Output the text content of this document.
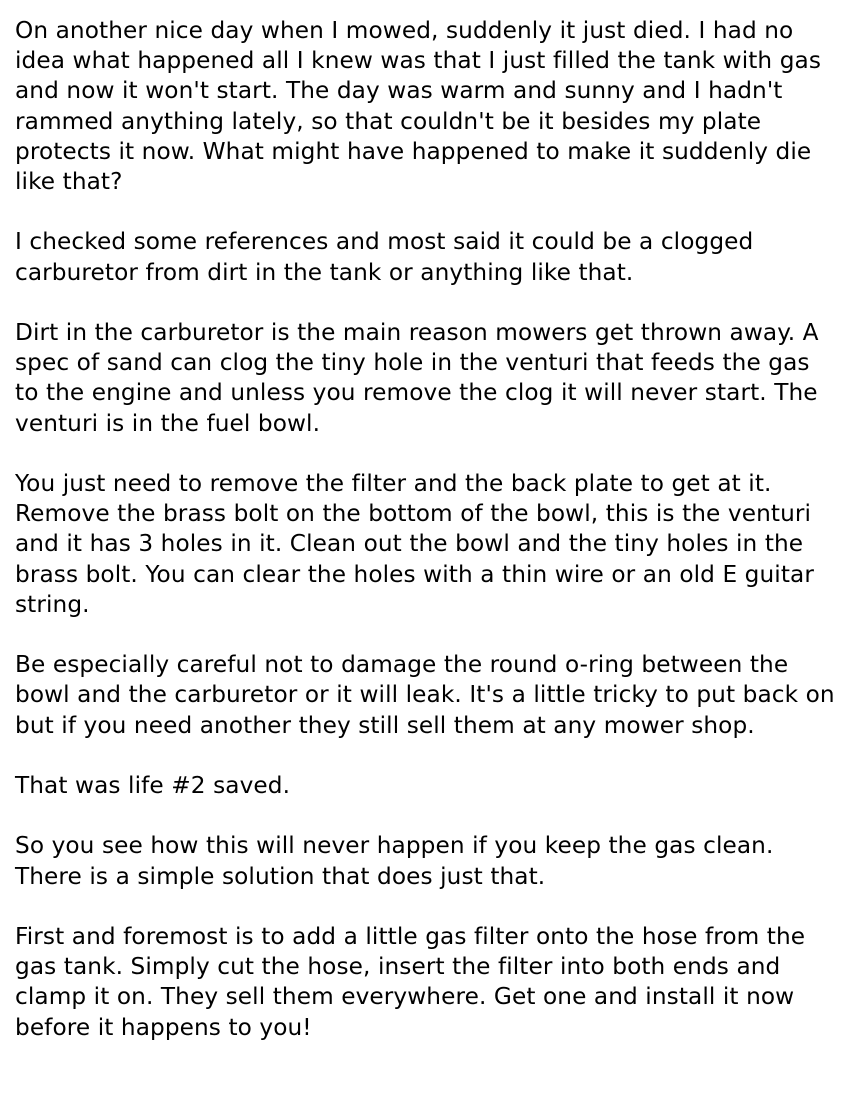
On another nice day when I mowed, suddenly it just died. I had no idea what happened all I knew was that I just filled the tank with gas and now it won't start. The day was warm and sunny and I hadn't rammed anything lately, so that couldn't be it besides my plate protects it now. What might have happened to make it suddenly die like that?

I checked some references and most said it could be a clogged carburetor from dirt in the tank or anything like that.

Dirt in the carburetor is the main reason mowers get thrown away. A spec of sand can clog the tiny hole in the venturi that feeds the gas to the engine and unless you remove the clog it will never start. The venturi is in the fuel bowl.

You just need to remove the filter and the back plate to get at it. Remove the brass bolt on the bottom of the bowl, this is the venturi and it has 3 holes in it. Clean out the bowl and the tiny holes in the brass bolt. You can clear the holes with a thin wire or an old E guitar string.

Be especially careful not to damage the round o-ring between the bowl and the carburetor or it will leak. It's a little tricky to put back on but if you need another they still sell them at any mower shop.

That was life #2 saved.

So you see how this will never happen if you keep the gas clean. There is a simple solution that does just that.

First and foremost is to add a little gas filter onto the hose from the gas tank. Simply cut the hose, insert the filter into both ends and clamp it on. They sell them everywhere. Get one and install it now before it happens to you!
